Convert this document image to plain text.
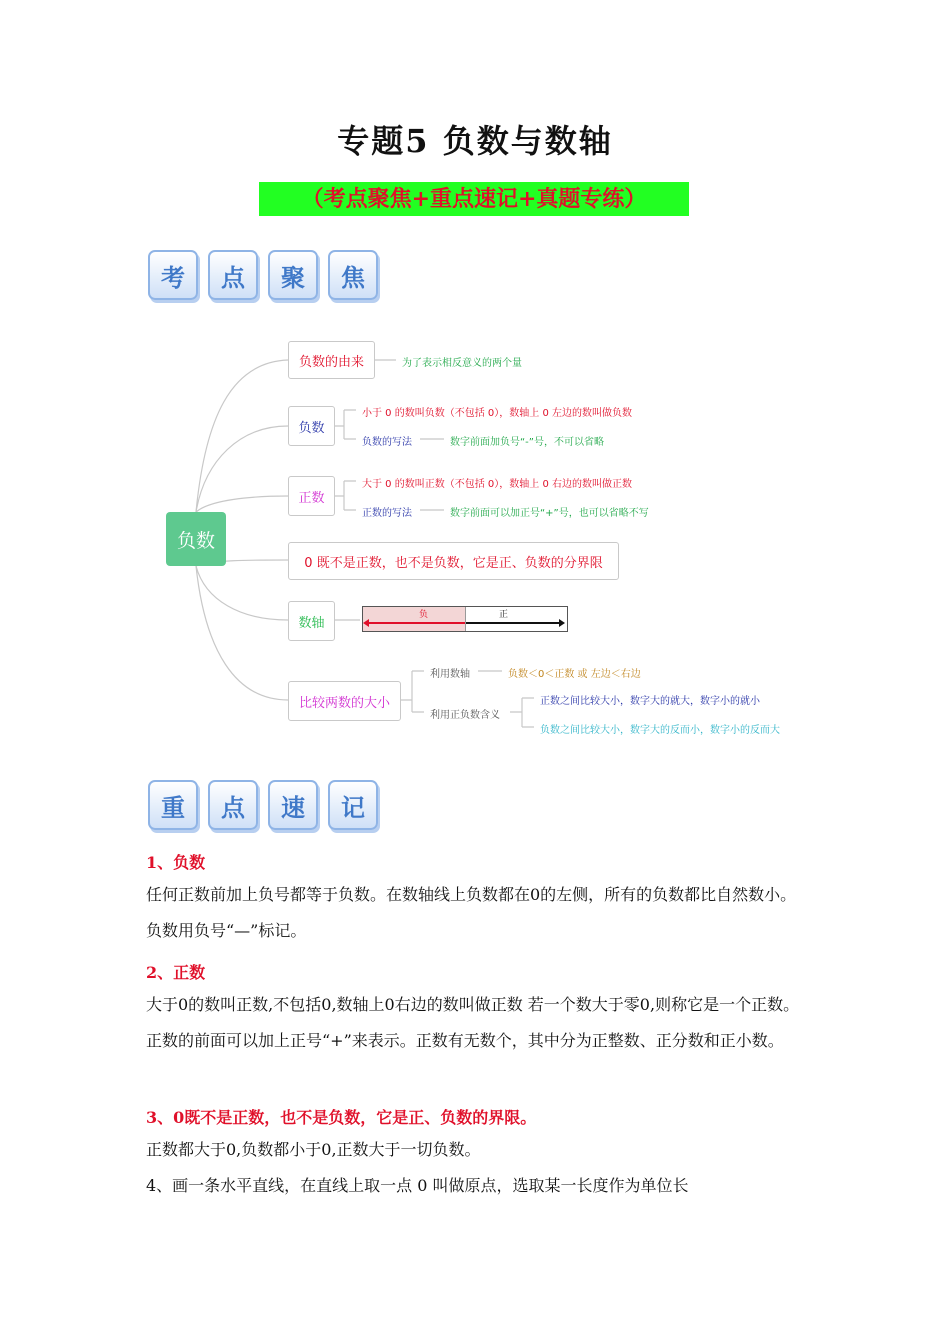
专题5 负数与数轴
（考点聚焦+重点速记+真题专练）
考	点	聚	焦
负数
负数的由来	为了表示相反意义的两个量
负数
小于 0 的数叫负数（不包括 0），数轴上 0 左边的数叫做负数
负数的写法	数字前面加负号“-”号，不可以省略
正数
大于 0 的数叫正数（不包括 0），数轴上 0 右边的数叫做正数
正数的写法	数字前面可以加正号“+”号，也可以省略不写
0 既不是正数，也不是负数，它是正、负数的分界限
数轴
负	正
比较两数的大小
利用数轴	负数＜0＜正数 或 左边＜右边
利用正负数含义
正数之间比较大小，数字大的就大，数字小的就小
负数之间比较大小，数字大的反而小，数字小的反而大
重	点	速	记
1、负数
任何正数前加上负号都等于负数。在数轴线上负数都在0的左侧，所有的负数都比自然数小。负数用负号“—”标记。
2、正数
大于0的数叫正数,不包括0,数轴上0右边的数叫做正数 若一个数大于零0,则称它是一个正数。正数的前面可以加上正号“+”来表示。正数有无数个，其中分为正整数、正分数和正小数。
3、0既不是正数，也不是负数，它是正、负数的界限。
正数都大于0,负数都小于0,正数大于一切负数。
4、画一条水平直线，在直线上取一点 0 叫做原点，选取某一长度作为单位长
